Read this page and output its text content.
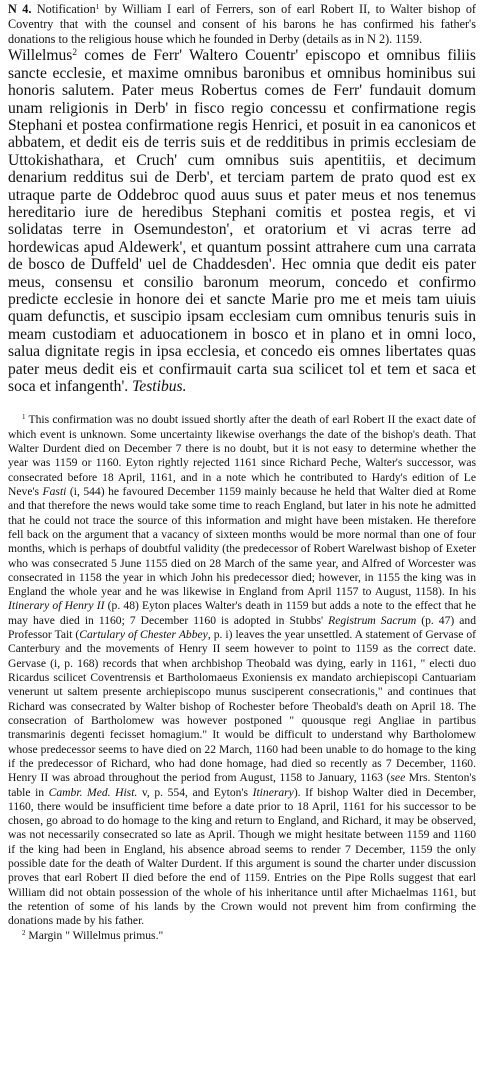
N 4. Notification$^1$ by William I earl of Ferrers, son of earl Robert II, to Walter bishop of Coventry that with the counsel and consent of his barons he has confirmed his father's donations to the religious house which he founded in Derby (details as in N 2). 1159.

Willelmus$^2$ comes de Ferr' Waltero Couentr' episcopo et omnibus filiis sancte ecclesie, et maxime omnibus baronibus et omnibus hominibus sui honoris salutem. Pater meus Robertus comes de Ferr' fundauit domum unam religionis in Derb' in fisco regio concessu et confirmatione regis Stephani et postea confirmatione regis Henrici, et posuit in ea canonicos et abbatem, et dedit eis de terris suis et de redditibus in primis ecclesiam de Uttokishathara, et Cruch' cum omnibus suis apentitiis, et decimum denarium redditus sui de Derb', et terciam partem de prato quod est ex utraque parte de Oddebroc quod auus suus et pater meus et nos tenemus hereditario iure de heredibus Stephani comitis et postea regis, et vi solidatas terre in Osemundeston', et oratorium et vi acras terre ad hordewicas apud Aldewerk', et quantum possint attrahere cum una carrata de bosco de Duffeld' uel de Chaddesden'. Hec omnia que dedit eis pater meus, consensu et consilio baronum meorum, concedo et confirmo predicte ecclesie in honore dei et sancte Marie pro me et meis tam uiuis quam defunctis, et suscipio ipsam ecclesiam cum omnibus tenuris suis in meam custodiam et aduocationem in bosco et in plano et in omni loco, salua dignitate regis in ipsa ecclesia, et concedo eis omnes libertates quas pater meus dedit eis et confirmauit carta sua scilicet tol et tem et saca et soca et infangenth'. Testibus.

$^1$ This confirmation was no doubt issued shortly after the death of earl Robert II the exact date of which event is unknown. Some uncertainty likewise overhangs the date of the bishop's death. That Walter Durdent died on December 7 there is no doubt, but it is not easy to determine whether the year was 1159 or 1160. Eyton rightly rejected 1161 since Richard Peche, Walter's successor, was consecrated before 18 April, 1161, and in a note which he contributed to Hardy's edition of Le Neve's Fasti (i, 544) he favoured December 1159 mainly because he held that Walter died at Rome and that therefore the news would take some time to reach England, but later in his note he admitted that he could not trace the source of this information and might have been mistaken. He therefore fell back on the argument that a vacancy of sixteen months would be more normal than one of four months, which is perhaps of doubtful validity (the predecessor of Robert Warelwast bishop of Exeter who was consecrated 5 June 1155 died on 28 March of the same year, and Alfred of Worcester was consecrated in 1158 the year in which John his predecessor died; however, in 1155 the king was in England the whole year and he was likewise in England from April 1157 to August, 1158). In his Itinerary of Henry II (p. 48) Eyton places Walter's death in 1159 but adds a note to the effect that he may have died in 1160; 7 December 1160 is adopted in Stubbs' Registrum Sacrum (p. 47) and Professor Tait (Cartulary of Chester Abbey, p. i) leaves the year unsettled. A statement of Gervase of Canterbury and the movements of Henry II seem however to point to 1159 as the correct date. Gervase (i, p. 168) records that when archbishop Theobald was dying, early in 1161, " electi duo Ricardus scilicet Coventrensis et Bartholomaeus Exoniensis ex mandato archiepiscopi Cantuariam venerunt ut saltem presente archiepiscopo munus susciperent consecrationis," and continues that Richard was consecrated by Walter bishop of Rochester before Theobald's death on April 18. The consecration of Bartholomew was however postponed " quousque regi Angliae in partibus transmarinis degenti fecisset homagium." It would be difficult to understand why Bartholomew whose predecessor seems to have died on 22 March, 1160 had been unable to do homage to the king if the predecessor of Richard, who had done homage, had died so recently as 7 December, 1160. Henry II was abroad throughout the period from August, 1158 to January, 1163 (see Mrs. Stenton's table in Cambr. Med. Hist. v, p. 554, and Eyton's Itinerary). If bishop Walter died in December, 1160, there would be insufficient time before a date prior to 18 April, 1161 for his successor to be chosen, go abroad to do homage to the king and return to England, and Richard, it may be observed, was not necessarily consecrated so late as April. Though we might hesitate between 1159 and 1160 if the king had been in England, his absence abroad seems to render 7 December, 1159 the only possible date for the death of Walter Durdent. If this argument is sound the charter under discussion proves that earl Robert II died before the end of 1159. Entries on the Pipe Rolls suggest that earl William did not obtain possession of the whole of his inheritance until after Michaelmas 1161, but the retention of some of his lands by the Crown would not prevent him from confirming the donations made by his father.

$^2$ Margin " Willelmus primus."
